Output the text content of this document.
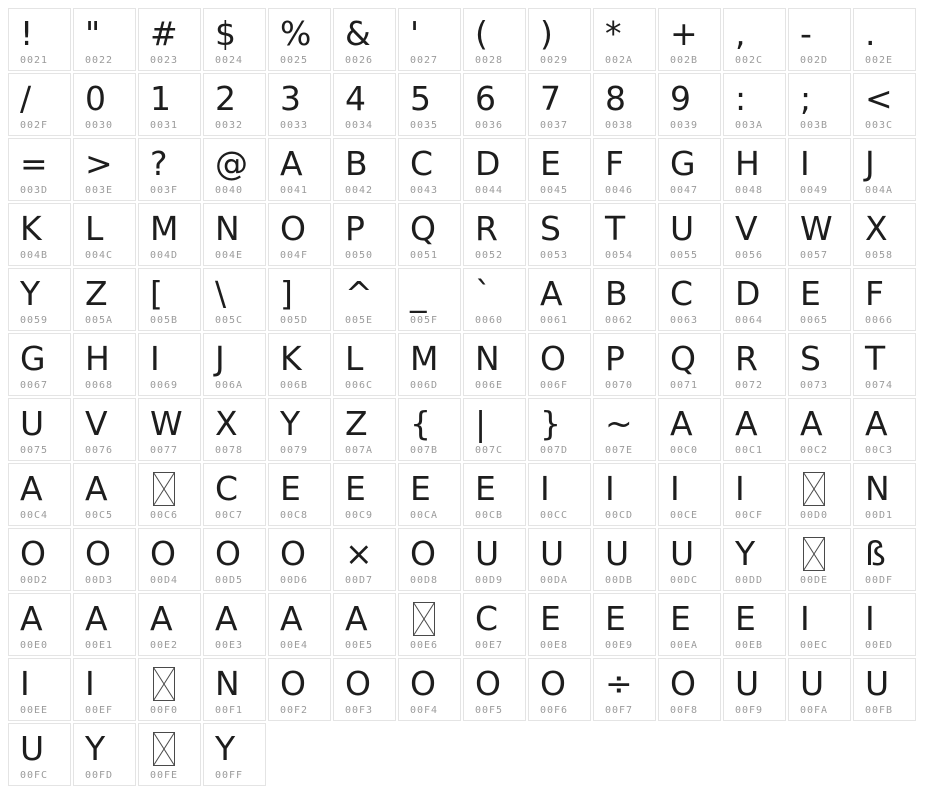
!
0021
"
0022
#
0023
$
0024
%
0025
&
0026
'
0027
(
0028
)
0029
*
002A
+
002B
,
002C
-
002D
.
002E
/
002F
0
0030
1
0031
2
0032
3
0033
4
0034
5
0035
6
0036
7
0037
8
0038
9
0039
:
003A
;
003B
<
003C
=
003D
>
003E
?
003F
@
0040
A
0041
B
0042
C
0043
D
0044
E
0045
F
0046
G
0047
H
0048
I
0049
J
004A
K
004B
L
004C
M
004D
N
004E
O
004F
P
0050
Q
0051
R
0052
S
0053
T
0054
U
0055
V
0056
W
0057
X
0058
Y
0059
Z
005A
[
005B
\
005C
]
005D
^
005E
_
005F
`
0060
A
0061
B
0062
C
0063
D
0064
E
0065
F
0066
G
0067
H
0068
I
0069
J
006A
K
006B
L
006C
M
006D
N
006E
O
006F
P
0070
Q
0071
R
0072
S
0073
T
0074
U
0075
V
0076
W
0077
X
0078
Y
0079
Z
007A
{
007B
|
007C
}
007D
~
007E
A
00C0
A
00C1
A
00C2
A
00C3
A
00C4
A
00C5	00C6
C
00C7
E
00C8
E
00C9
E
00CA
E
00CB
I
00CC
I
00CD
I
00CE
I
00CF	00D0
N
00D1
O
00D2
O
00D3
O
00D4
O
00D5
O
00D6
×
00D7
O
00D8
U
00D9
U
00DA
U
00DB
U
00DC
Y
00DD	00DE
ß
00DF
A
00E0
A
00E1
A
00E2
A
00E3
A
00E4
A
00E5	00E6
C
00E7
E
00E8
E
00E9
E
00EA
E
00EB
I
00EC
I
00ED
I
00EE
I
00EF	00F0
N
00F1
O
00F2
O
00F3
O
00F4
O
00F5
O
00F6
÷
00F7
O
00F8
U
00F9
U
00FA
U
00FB
U
00FC
Y
00FD	00FE
Y
00FF
